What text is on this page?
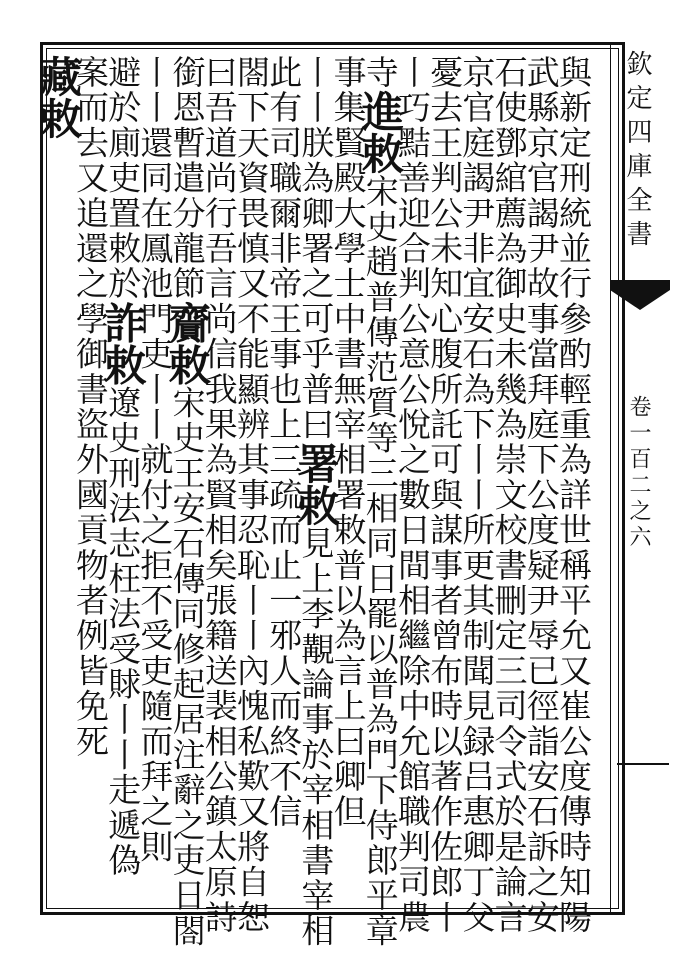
欽定四庫全書
卷一百二之六
與新定刑統並行參酌輕重為詳世稱平允又崔公度傳時知陽
武縣京官謁尹故事當拜庭下公度疑尹辱已徑詣安石訴之安
石使鄧綰薦為御史未幾為崇文校書刪定三司令式於是論言
京官庭謁尹非宜安石為下丨丨所更其制聞見録吕惠卿丁父
憂去王判公未知心腹所託可與謀事者曾布時以著作佐郎丨
丨巧黠善迎合判公意公悅之數日間相繼除中允館職判司農
寺進敕宋史趙普傳范質等三相同日罷以普為門下侍郎平章
事集賢殿大學士中書無宰相署敕普以為言上曰卿但
丨丨朕為卿署之可乎普曰署敕見上李覯論事於宰相書宰相
此有司職爾非帝王事也上三疏而止一邪人而終不信
閤下天資畏慎又不能顯辨其事忍恥丨丨內愧私歎又將自恕
曰吾道尚行吾言尚信我果為賢相矣張籍送裴相公鎮太原詩
銜恩暫遣分龍節齎敕宋史王安石傳同修起居注辭之吏日閤
丨丨還同在鳳池門吏丨丨就付之拒不受吏隨而拜之則
避於廁吏置敕於詐敕遼史刑法志枉法受賕丨丨走遞偽
案而去又追還之學御書盜外國貢物者例皆免死
藏敕
